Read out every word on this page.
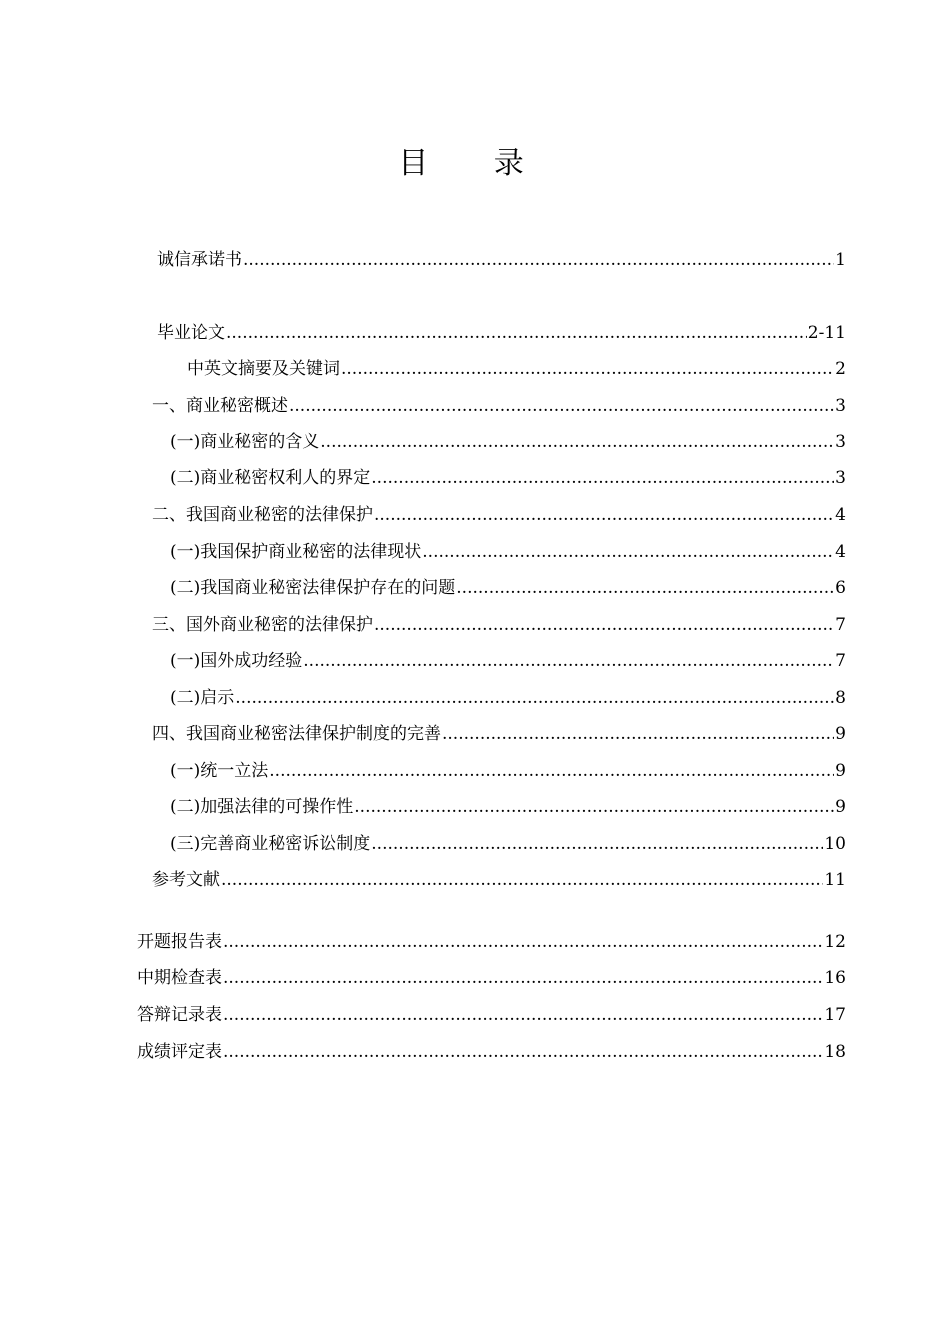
目 录
诚信承诺书 .....	1
毕业论文 .....	2-11
中英文摘要及关键词 .....	2
一、商业秘密概述 .....	3
(一)商业秘密的含义 .....	3
(二)商业秘密权利人的界定 .....	3
二、我国商业秘密的法律保护 .....	4
(一)我国保护商业秘密的法律现状 .....	4
(二)我国商业秘密法律保护存在的问题 .....	6
三、国外商业秘密的法律保护 .....	7
(一)国外成功经验 .....	7
(二)启示 .....	8
四、我国商业秘密法律保护制度的完善 .....	9
(一)统一立法 .....	9
(二)加强法律的可操作性 .....	9
(三)完善商业秘密诉讼制度 .....	10
参考文献 .....	11
开题报告表 .....	12
中期检查表 .....	16
答辩记录表 .....	17
成绩评定表 .....	18
